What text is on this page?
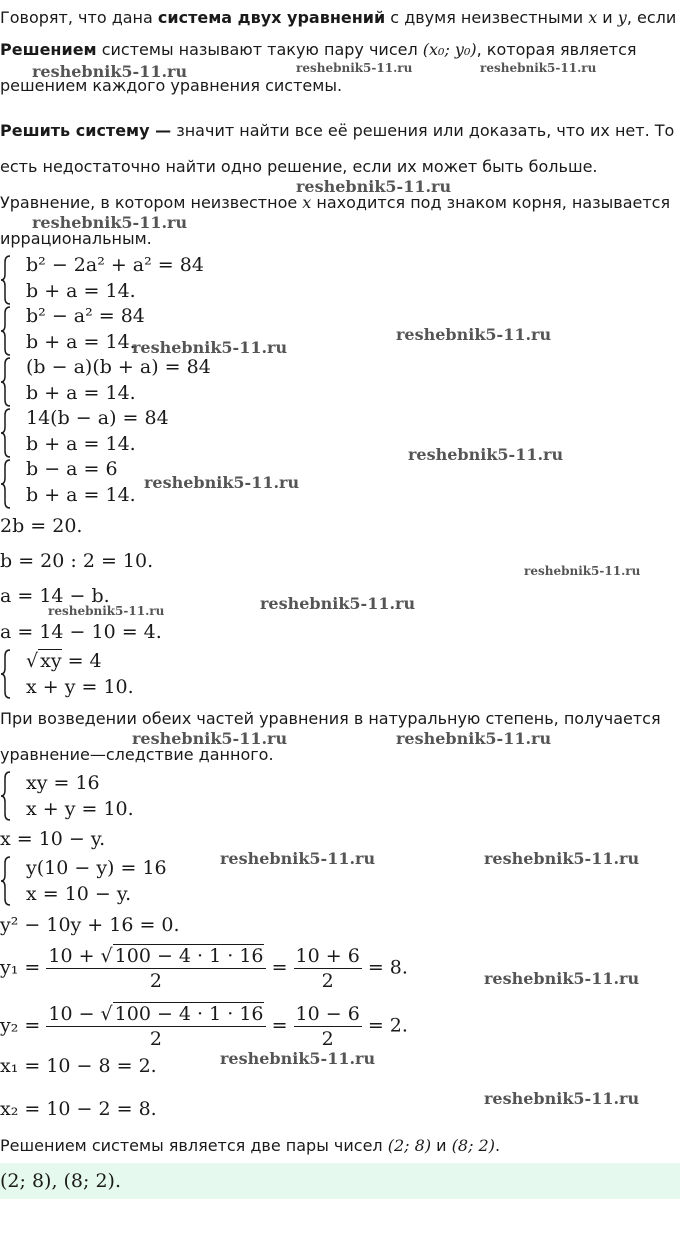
Говорят, что дана система двух уравнений с двумя неизвестными x и y, если
Решением системы называют такую пару чисел (x₀; y₀), которая является
решением каждого уравнения системы.
Решить систему — значит найти все её решения или доказать, что их нет. То
есть недостаточно найти одно решение, если их может быть больше.
Уравнение, в котором неизвестное x находится под знаком корня, называется
иррациональным.
b² − 2a² + a² = 84
b + a = 14.
b² − a² = 84
b + a = 14.
(b − a)(b + a) = 84
b + a = 14.
14(b − a) = 84
b + a = 14.
b − a = 6
b + a = 14.
2b = 20.
b = 20 : 2 = 10.
a = 14 − b.
a = 14 − 10 = 4.
√ xy = 4
x + y = 10.
При возведении обеих частей уравнения в натуральную степень, получается
уравнение—следствие данного.
xy = 16
x + y = 10.
x = 10 − y.
y(10 − y) = 16
x = 10 − y.
y² − 10y + 16 = 0.
$y_1 = \frac{10 + √ 100 - 4 \cdot 1 \cdot 16}{2} = \frac{10 + 6}{2} = 8$.
$y_2 = \frac{10 - √ 100 - 4 \cdot 1 \cdot 16}{2} = \frac{10 - 6}{2} = 2$.
x₁ = 10 − 8 = 2.
x₂ = 10 − 2 = 8.
Решением системы является две пары чисел (2; 8) и (8; 2).
(2; 8), (8; 2).
reshebnik5-11.ru	reshebnik5-11.ru	reshebnik5-11.ru
reshebnik5-11.ru
reshebnik5-11.ru
reshebnik5-11.ru
reshebnik5-11.ru
reshebnik5-11.ru
reshebnik5-11.ru
reshebnik5-11.ru
reshebnik5-11.ru
reshebnik5-11.ru
reshebnik5-11.ru	reshebnik5-11.ru
reshebnik5-11.ru	reshebnik5-11.ru
reshebnik5-11.ru
reshebnik5-11.ru
reshebnik5-11.ru
